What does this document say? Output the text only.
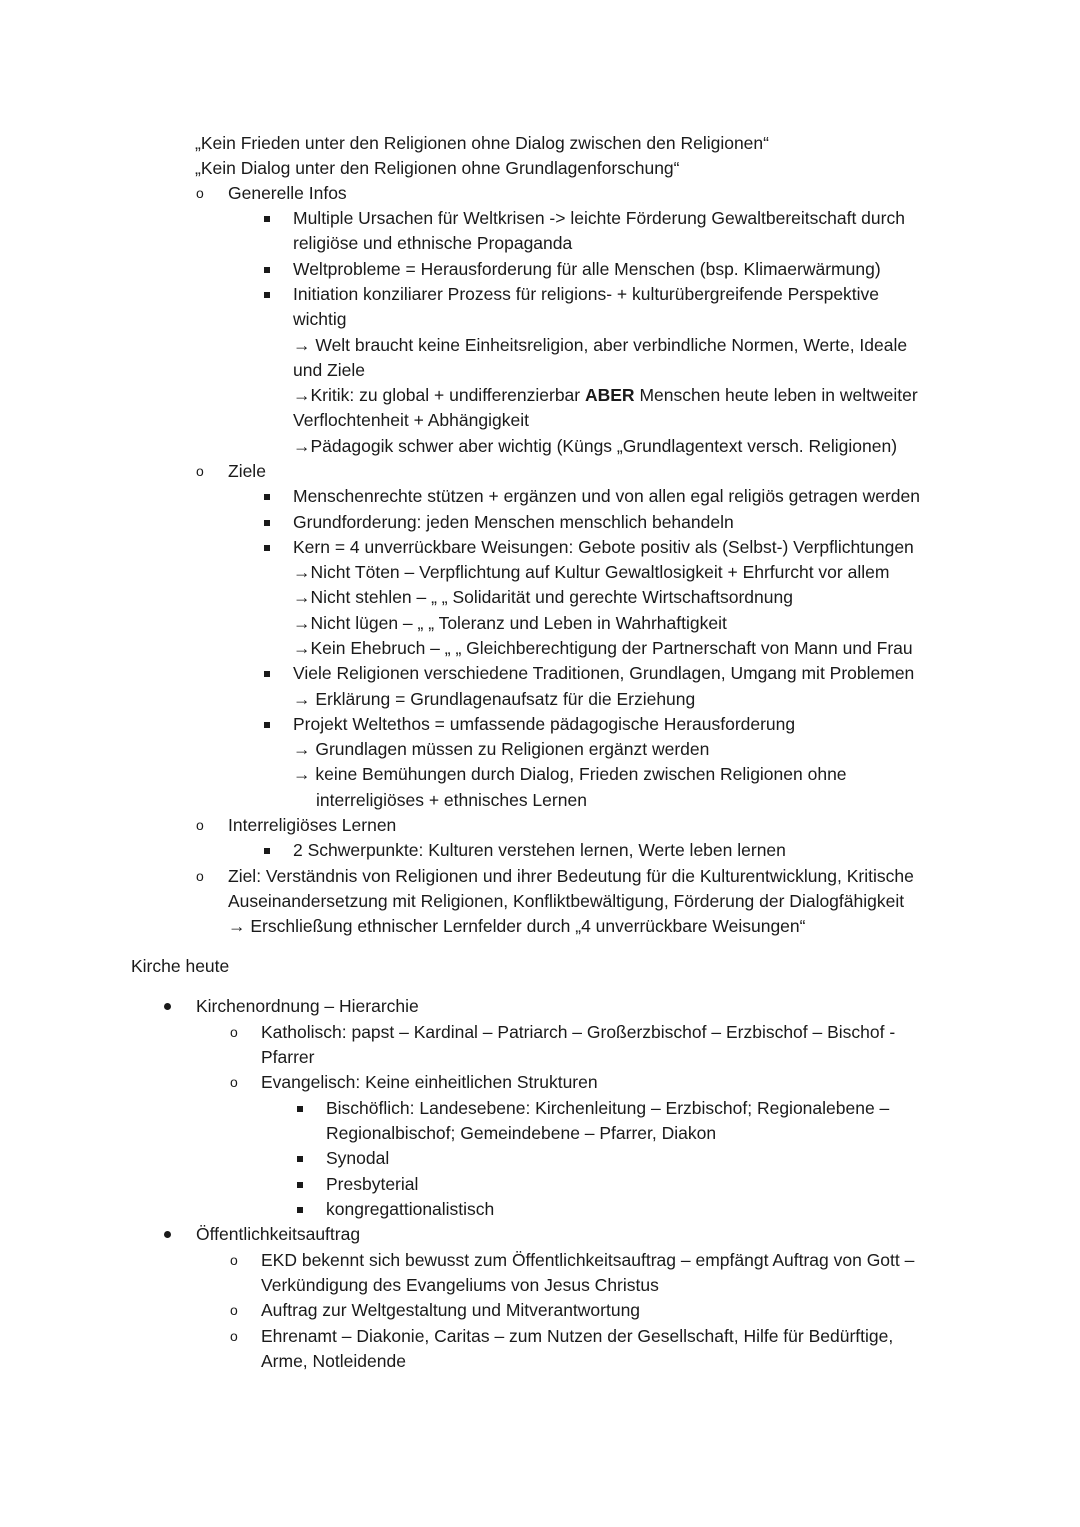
„Kein Frieden unter den Religionen ohne Dialog zwischen den Religionen“
„Kein Dialog unter den Religionen ohne Grundlagenforschung“
o Generelle Infos
Multiple Ursachen für Weltkrisen -> leichte Förderung Gewaltbereitschaft durch
religiöse und ethnische Propaganda
Weltprobleme = Herausforderung für alle Menschen (bsp. Klimaerwärmung)
Initiation konziliarer Prozess für religions- + kulturübergreifende Perspektive
wichtig
→ Welt braucht keine Einheitsreligion, aber verbindliche Normen, Werte, Ideale
und Ziele
→Kritik: zu global + undifferenzierbar ABER Menschen heute leben in weltweiter
Verflochtenheit + Abhängigkeit
→Pädagogik schwer aber wichtig (Küngs „Grundlagentext versch. Religionen)
o Ziele
Menschenrechte stützen + ergänzen und von allen egal religiös getragen werden
Grundforderung: jeden Menschen menschlich behandeln
Kern = 4 unverrückbare Weisungen: Gebote positiv als (Selbst-) Verpflichtungen
→Nicht Töten – Verpflichtung auf Kultur Gewaltlosigkeit + Ehrfurcht vor allem
→Nicht stehlen – „ „ Solidarität und gerechte Wirtschaftsordnung
→Nicht lügen – „ „ Toleranz und Leben in Wahrhaftigkeit
→Kein Ehebruch – „ „ Gleichberechtigung der Partnerschaft von Mann und Frau
Viele Religionen verschiedene Traditionen, Grundlagen, Umgang mit Problemen
→ Erklärung = Grundlagenaufsatz für die Erziehung
Projekt Weltethos = umfassende pädagogische Herausforderung
→ Grundlagen müssen zu Religionen ergänzt werden
→ keine Bemühungen durch Dialog, Frieden zwischen Religionen ohne
interreligiöses + ethnisches Lernen
o Interreligiöses Lernen
2 Schwerpunkte: Kulturen verstehen lernen, Werte leben lernen
o Ziel: Verständnis von Religionen und ihrer Bedeutung für die Kulturentwicklung, Kritische
Auseinandersetzung mit Religionen, Konfliktbewältigung, Förderung der Dialogfähigkeit
→ Erschließung ethnischer Lernfelder durch „4 unverrückbare Weisungen“
Kirche heute
Kirchenordnung – Hierarchie
o Katholisch: papst – Kardinal – Patriarch – Großerzbischof – Erzbischof – Bischof -
Pfarrer
o Evangelisch: Keine einheitlichen Strukturen
Bischöflich: Landesebene: Kirchenleitung – Erzbischof; Regionalebene –
Regionalbischof; Gemeindebene – Pfarrer, Diakon
Synodal
Presbyterial
kongregattionalistisch
Öffentlichkeitsauftrag
o EKD bekennt sich bewusst zum Öffentlichkeitsauftrag – empfängt Auftrag von Gott –
Verkündigung des Evangeliums von Jesus Christus
o Auftrag zur Weltgestaltung und Mitverantwortung
o Ehrenamt – Diakonie, Caritas – zum Nutzen der Gesellschaft, Hilfe für Bedürftige,
Arme, Notleidende
